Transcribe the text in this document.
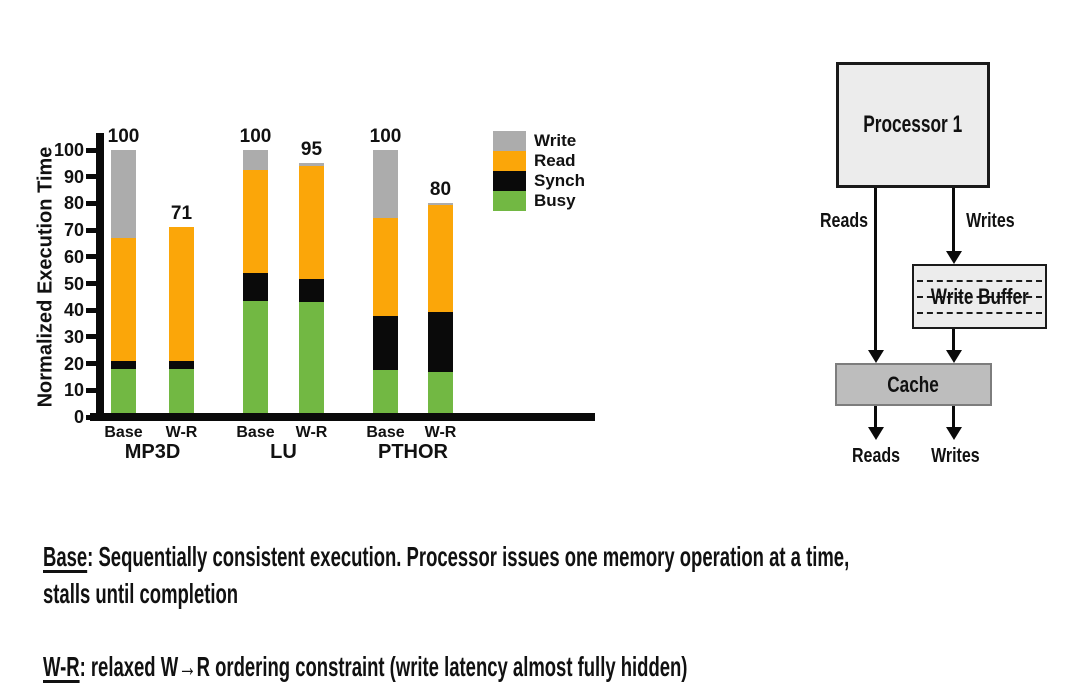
Normalized Execution Time
0
10
20
30
40
50
60
70
80
90
100
100
71
100
95
100
80
Base	W-R	Base	W-R	Base	W-R
MP3D	LU	PTHOR
Write
Read
Synch
Busy
Processor 1
Reads	Writes
Write Buffer
Cache
Reads	Writes
Base: Sequentially consistent execution. Processor issues one memory operation at a time,
stalls until completion
W-R: relaxed W→R ordering constraint (write latency almost fully hidden)
